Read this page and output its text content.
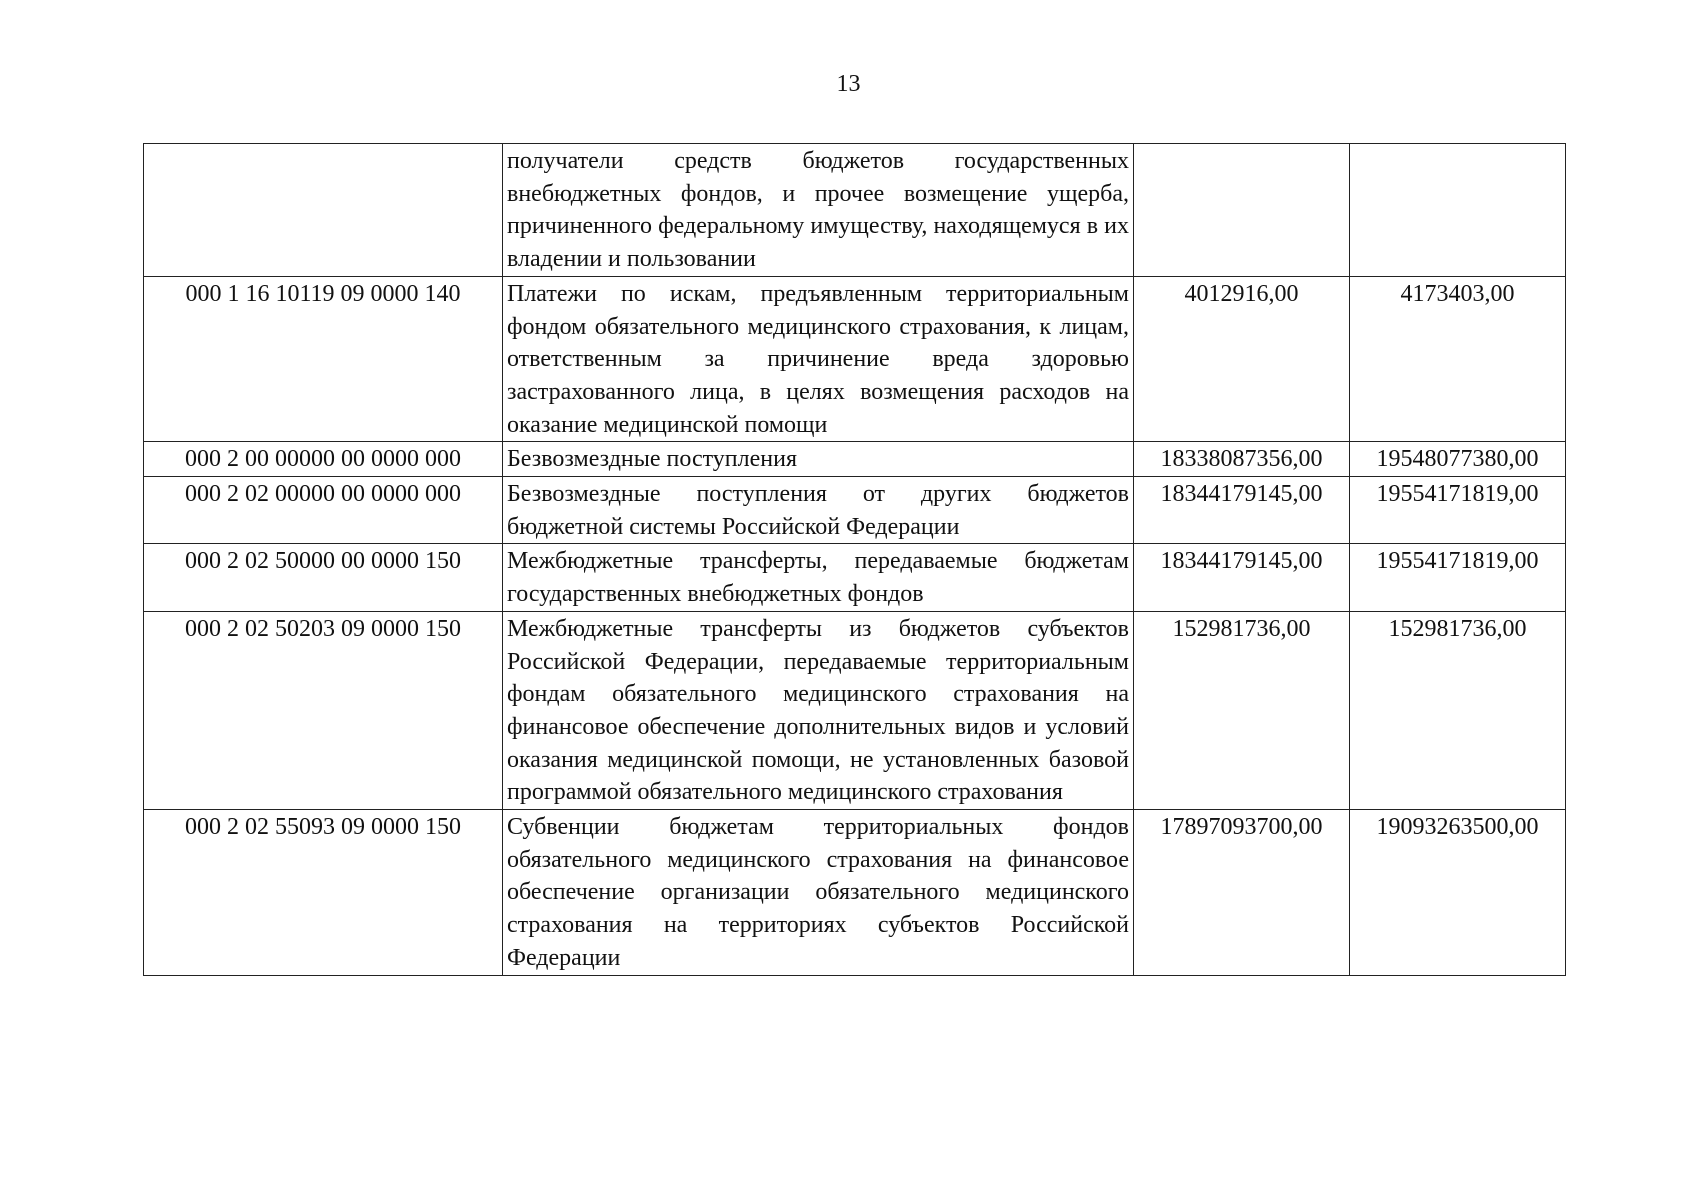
13
	получатели средств бюджетов государственных внебюджетных фондов, и прочее возмещение ущерба, причиненного федеральному имуществу, находящемуся в их владении и пользовании		
000 1 16 10119 09 0000 140	Платежи по искам, предъявленным территориальным фондом обязательного медицинского страхования, к лицам, ответственным за причинение вреда здоровью застрахованного лица, в целях возмещения расходов на оказание медицинской помощи	4012916,00	4173403,00
000 2 00 00000 00 0000 000	Безвозмездные поступления	18338087356,00	19548077380,00
000 2 02 00000 00 0000 000	Безвозмездные поступления от других бюджетов бюджетной системы Российской Федерации	18344179145,00	19554171819,00
000 2 02 50000 00 0000 150	Межбюджетные трансферты, передаваемые бюджетам государственных внебюджетных фондов	18344179145,00	19554171819,00
000 2 02 50203 09 0000 150	Межбюджетные трансферты из бюджетов субъектов Российской Федерации, передаваемые территориальным фондам обязательного медицинского страхования на финансовое обеспечение дополнительных видов и условий оказания медицинской помощи, не установленных базовой программой обязательного медицинского страхования	152981736,00	152981736,00
000 2 02 55093 09 0000 150	Субвенции бюджетам территориальных фондов обязательного медицинского страхования на финансовое обеспечение организации обязательного медицинского страхования на территориях субъектов Российской Федерации	17897093700,00	19093263500,00
